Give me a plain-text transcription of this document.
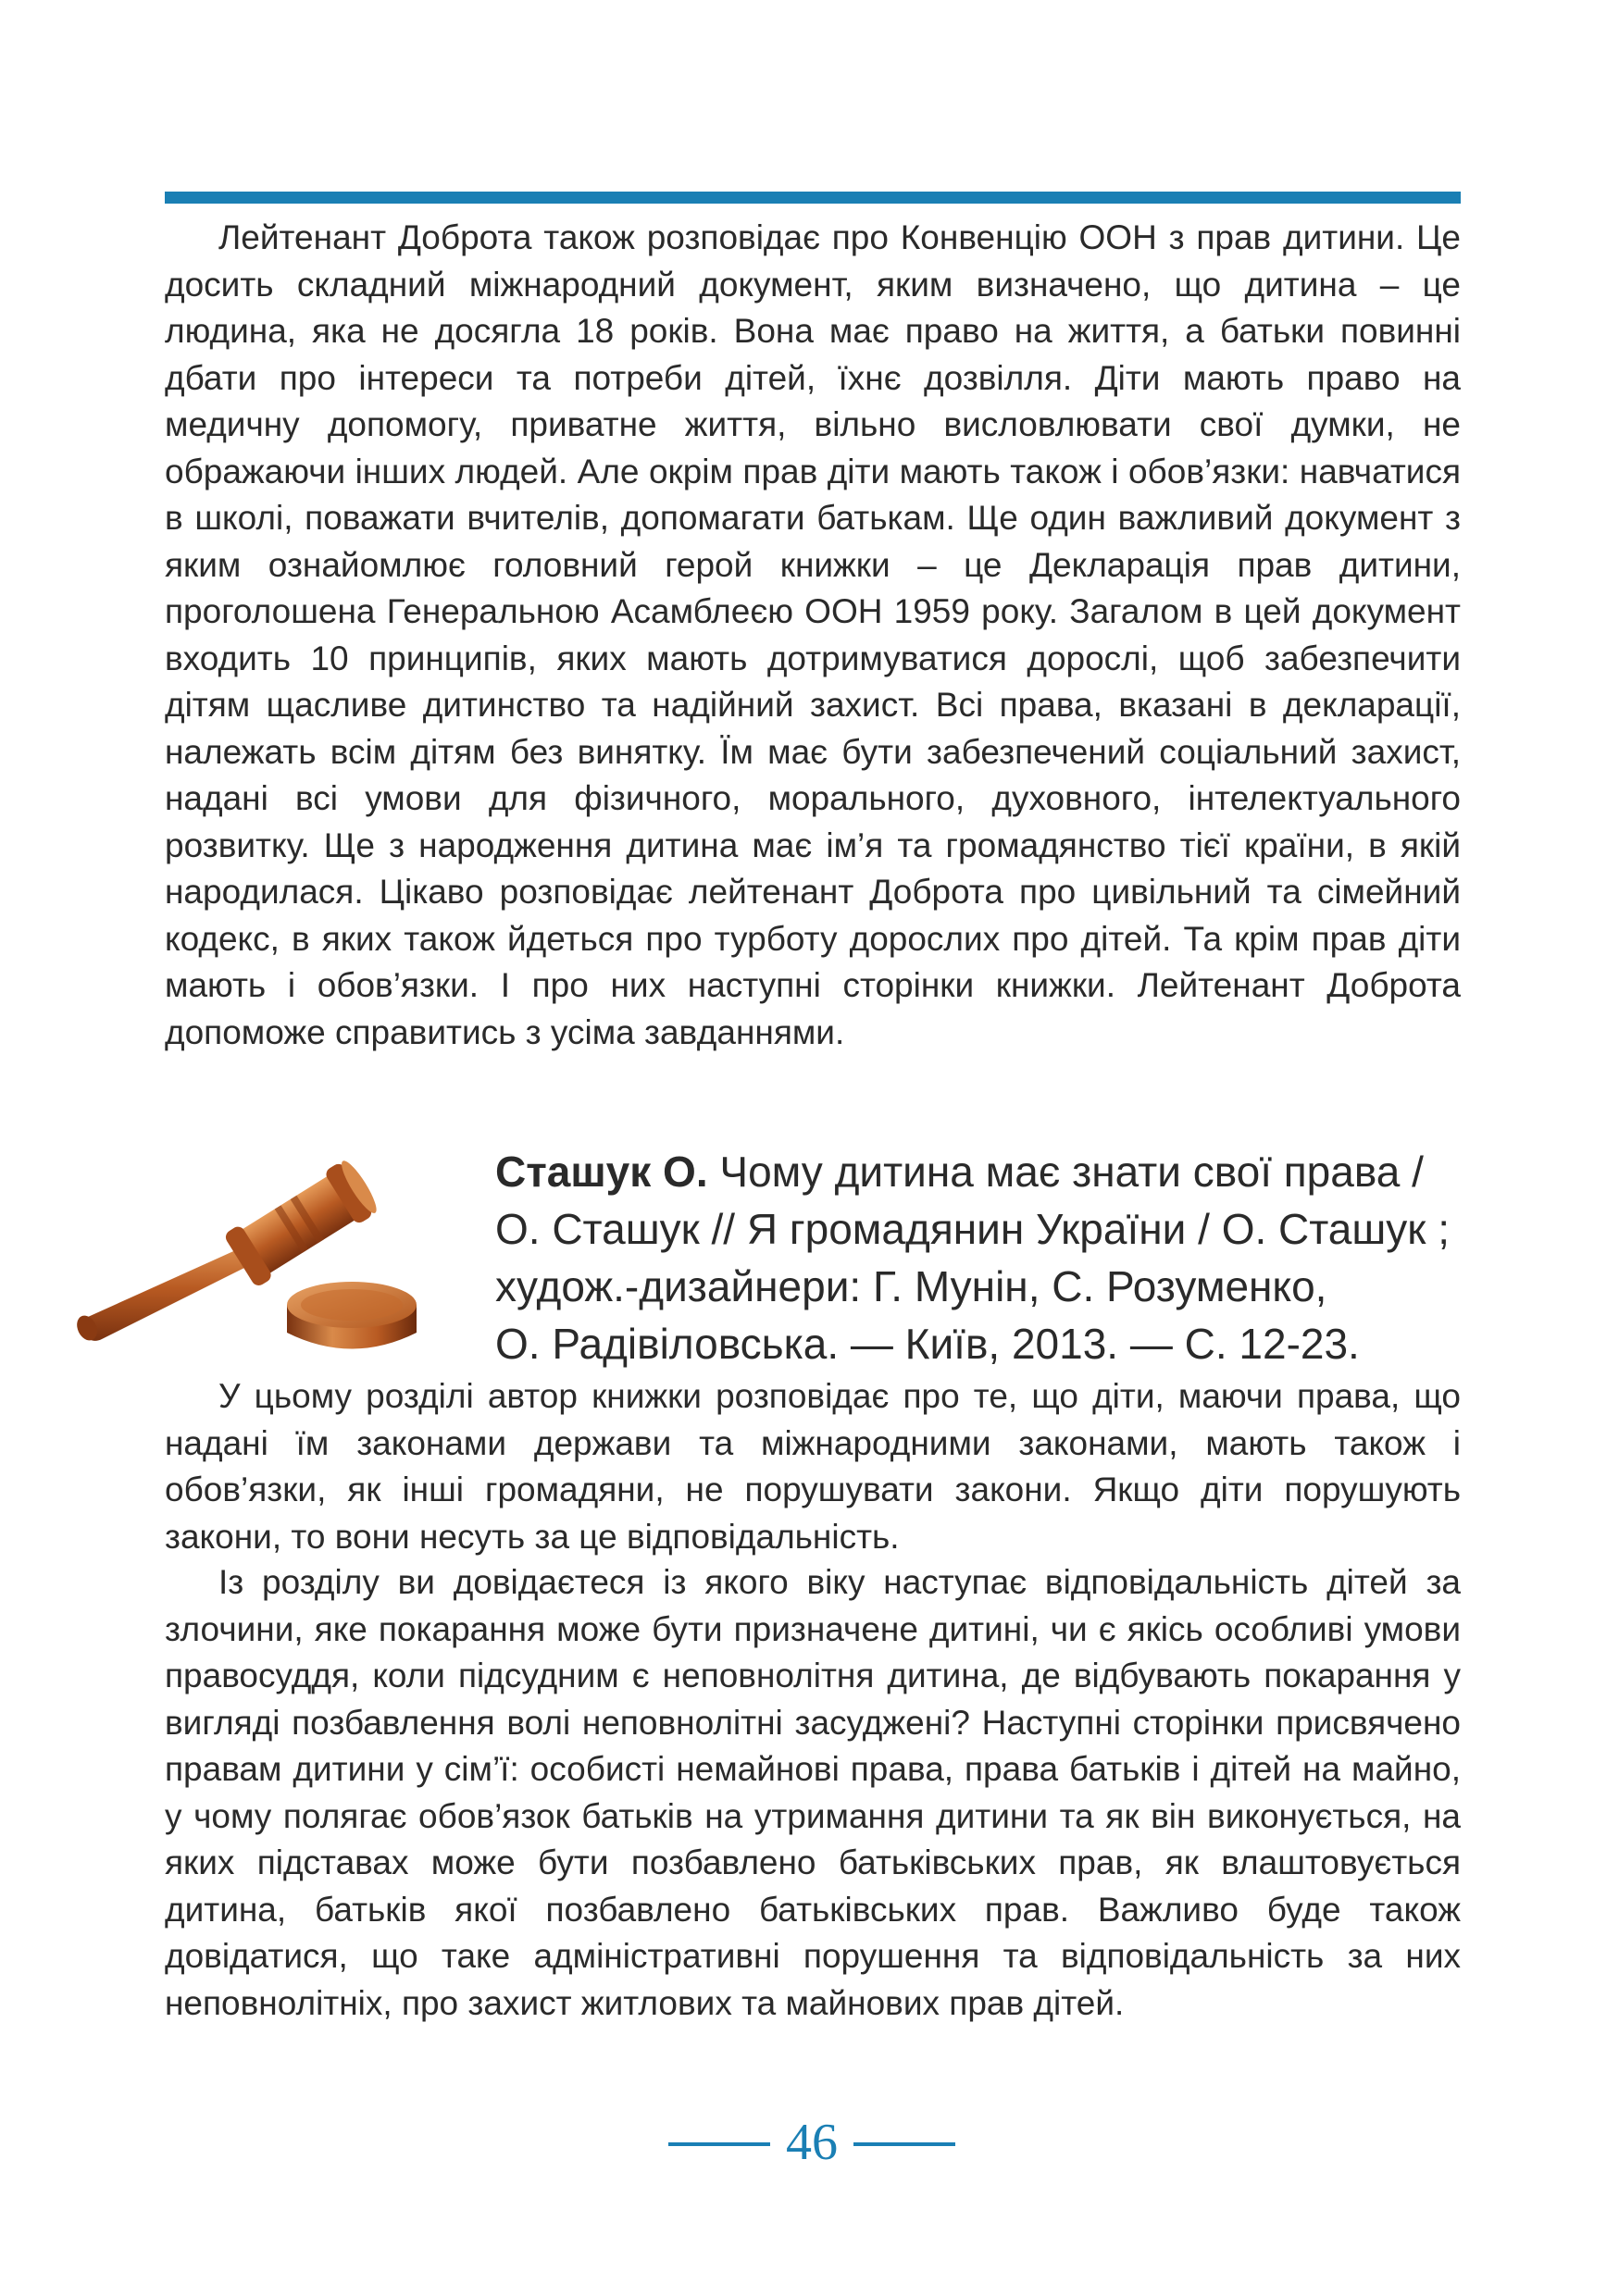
Лейтенант Доброта також розповідає про Конвенцію ООН з прав дитини. Це досить складний міжнародний документ, яким визначено, що дитина – це людина, яка не досягла 18 років. Вона має право на життя, а батьки повинні дбати про інтереси та потреби дітей, їхнє дозвілля. Діти мають право на медичну допомогу, приватне життя, вільно висловлювати свої думки, не ображаючи інших людей. Але окрім прав діти мають також і обов’язки: навчатися в школі, поважати вчителів, допомагати батькам. Ще один важливий документ з яким ознайомлює головний герой книжки – це Декларація прав дитини, проголошена Генеральною Асамблеєю ООН 1959 року. Загалом в цей документ входить 10 принципів, яких мають дотримуватися дорослі, щоб забезпечити дітям щасливе дитинство та надійний захист. Всі права, вказані в декларації, належать всім дітям без винятку. Їм має бути забезпечений соціальний захист, надані всі умови для фізичного, морального, духовного, інтелектуального розвитку. Ще з народження дитина має ім’я та громадянство тієї країни, в якій народилася. Цікаво розповідає лейтенант Доброта про цивільний та сімейний кодекс, в яких також йдеться про турботу дорослих про дітей. Та крім прав діти мають і обов’язки. І про них наступні сторінки книжки. Лейтенант Доброта допоможе справитись з усіма завданнями.

Сташук О. Чому дитина має знати свої права /
О. Сташук // Я громадянин України / О. Сташук ;
худож.-дизайнери: Г. Мунін, С. Розуменко,
О. Радівіловська. — Київ, 2013. — С. 12-23.

У цьому розділі автор книжки розповідає про те, що діти, маючи права, що надані їм законами держави та міжнародними законами, мають також і обов’язки, як інші громадяни, не порушувати закони. Якщо діти порушують закони, то вони несуть за це відповідальність.

Із розділу ви довідаєтеся із якого віку наступає відповідальність дітей за злочини, яке покарання може бути призначене дитині, чи є якісь особливі умови правосуддя, коли підсудним є неповнолітня дитина, де відбувають покарання у вигляді позбавлення волі неповнолітні засуджені? Наступні сторінки присвячено правам дитини у сім’ї: особисті немайнові права, права батьків і дітей на майно, у чому полягає обов’язок батьків на утримання дитини та як він виконується, на яких підставах може бути позбавлено батьківських прав, як влаштовується дитина, батьків якої позбавлено батьківських прав. Важливо буде також довідатися, що таке адміністративні порушення та відповідальність за них неповнолітніх, про захист житлових та майнових прав дітей.

46
